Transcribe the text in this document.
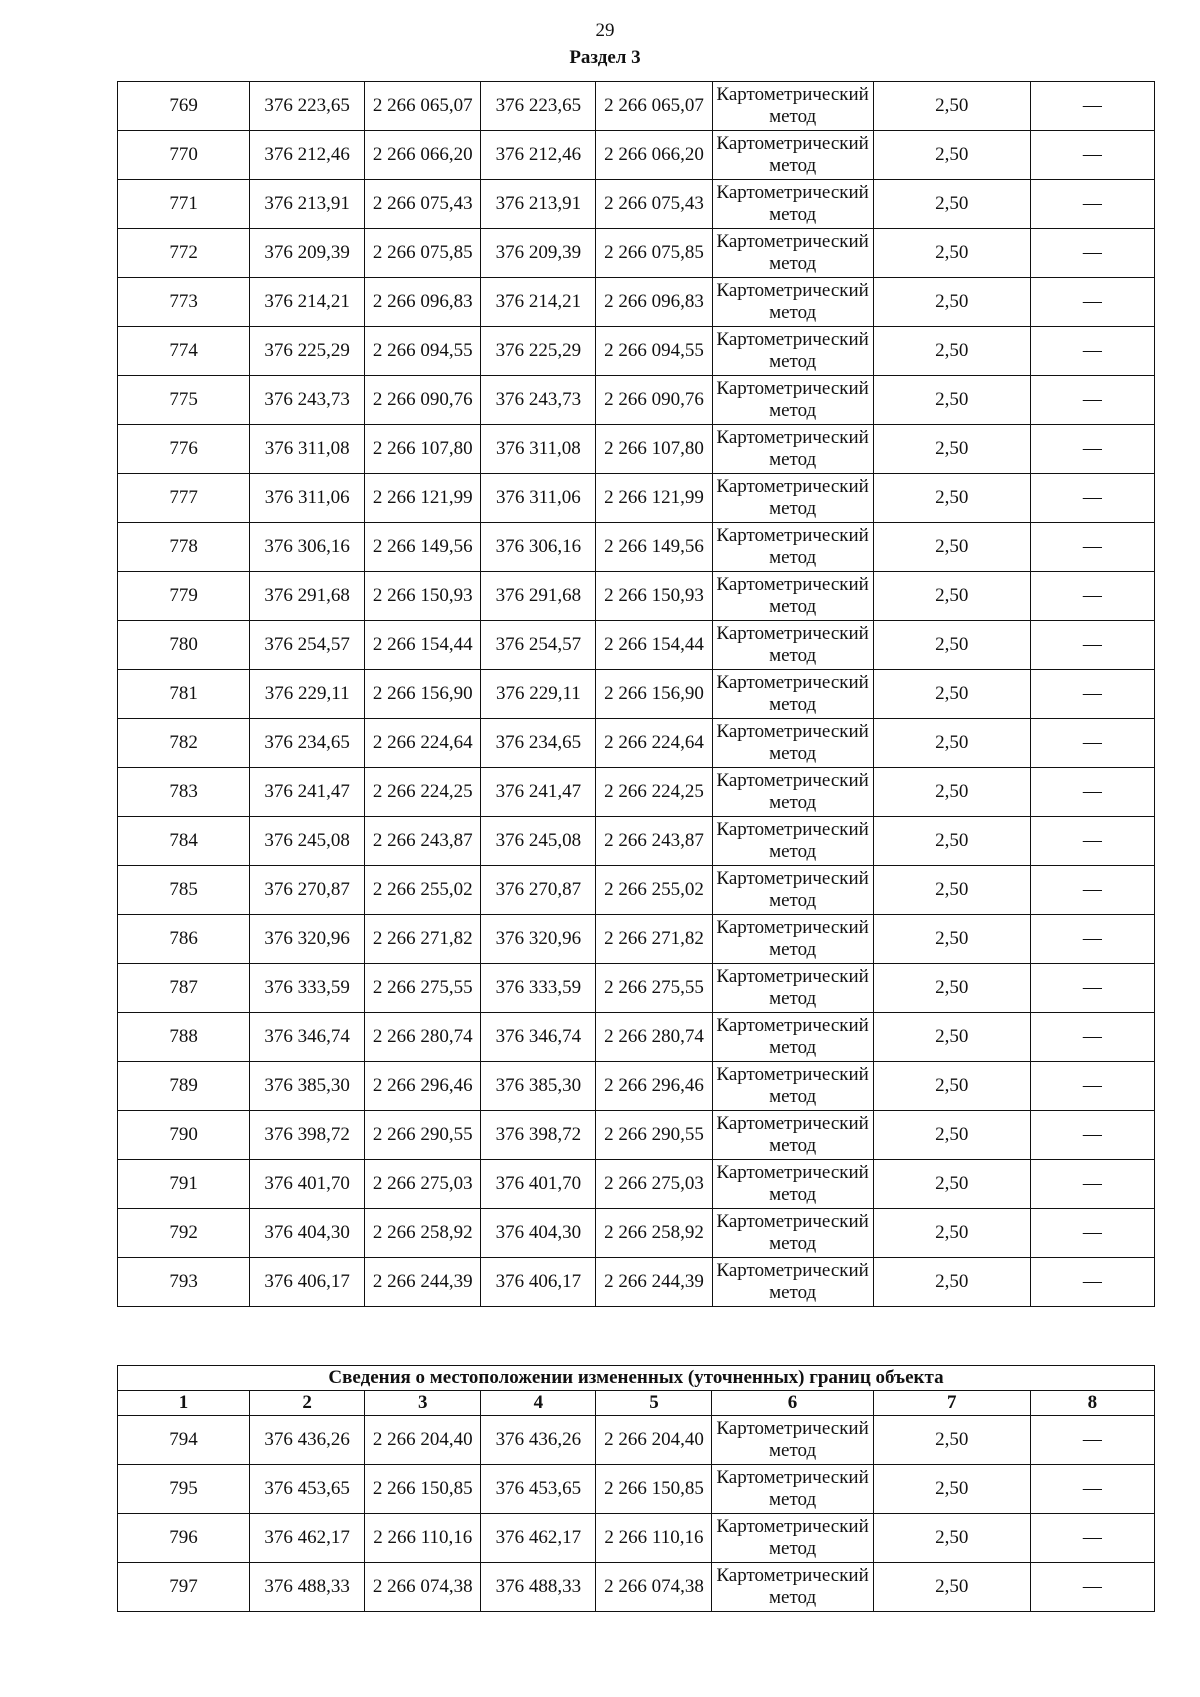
29
Раздел 3
769	376 223,65	2 266 065,07	376 223,65	2 266 065,07	Картометрический метод	2,50	—
770	376 212,46	2 266 066,20	376 212,46	2 266 066,20	Картометрический метод	2,50	—
771	376 213,91	2 266 075,43	376 213,91	2 266 075,43	Картометрический метод	2,50	—
772	376 209,39	2 266 075,85	376 209,39	2 266 075,85	Картометрический метод	2,50	—
773	376 214,21	2 266 096,83	376 214,21	2 266 096,83	Картометрический метод	2,50	—
774	376 225,29	2 266 094,55	376 225,29	2 266 094,55	Картометрический метод	2,50	—
775	376 243,73	2 266 090,76	376 243,73	2 266 090,76	Картометрический метод	2,50	—
776	376 311,08	2 266 107,80	376 311,08	2 266 107,80	Картометрический метод	2,50	—
777	376 311,06	2 266 121,99	376 311,06	2 266 121,99	Картометрический метод	2,50	—
778	376 306,16	2 266 149,56	376 306,16	2 266 149,56	Картометрический метод	2,50	—
779	376 291,68	2 266 150,93	376 291,68	2 266 150,93	Картометрический метод	2,50	—
780	376 254,57	2 266 154,44	376 254,57	2 266 154,44	Картометрический метод	2,50	—
781	376 229,11	2 266 156,90	376 229,11	2 266 156,90	Картометрический метод	2,50	—
782	376 234,65	2 266 224,64	376 234,65	2 266 224,64	Картометрический метод	2,50	—
783	376 241,47	2 266 224,25	376 241,47	2 266 224,25	Картометрический метод	2,50	—
784	376 245,08	2 266 243,87	376 245,08	2 266 243,87	Картометрический метод	2,50	—
785	376 270,87	2 266 255,02	376 270,87	2 266 255,02	Картометрический метод	2,50	—
786	376 320,96	2 266 271,82	376 320,96	2 266 271,82	Картометрический метод	2,50	—
787	376 333,59	2 266 275,55	376 333,59	2 266 275,55	Картометрический метод	2,50	—
788	376 346,74	2 266 280,74	376 346,74	2 266 280,74	Картометрический метод	2,50	—
789	376 385,30	2 266 296,46	376 385,30	2 266 296,46	Картометрический метод	2,50	—
790	376 398,72	2 266 290,55	376 398,72	2 266 290,55	Картометрический метод	2,50	—
791	376 401,70	2 266 275,03	376 401,70	2 266 275,03	Картометрический метод	2,50	—
792	376 404,30	2 266 258,92	376 404,30	2 266 258,92	Картометрический метод	2,50	—
793	376 406,17	2 266 244,39	376 406,17	2 266 244,39	Картометрический метод	2,50	—
Сведения о местоположении измененных (уточненных) границ объекта							
1	2	3	4	5	6	7	8
794	376 436,26	2 266 204,40	376 436,26	2 266 204,40	Картометрический метод	2,50	—
795	376 453,65	2 266 150,85	376 453,65	2 266 150,85	Картометрический метод	2,50	—
796	376 462,17	2 266 110,16	376 462,17	2 266 110,16	Картометрический метод	2,50	—
797	376 488,33	2 266 074,38	376 488,33	2 266 074,38	Картометрический метод	2,50	—
